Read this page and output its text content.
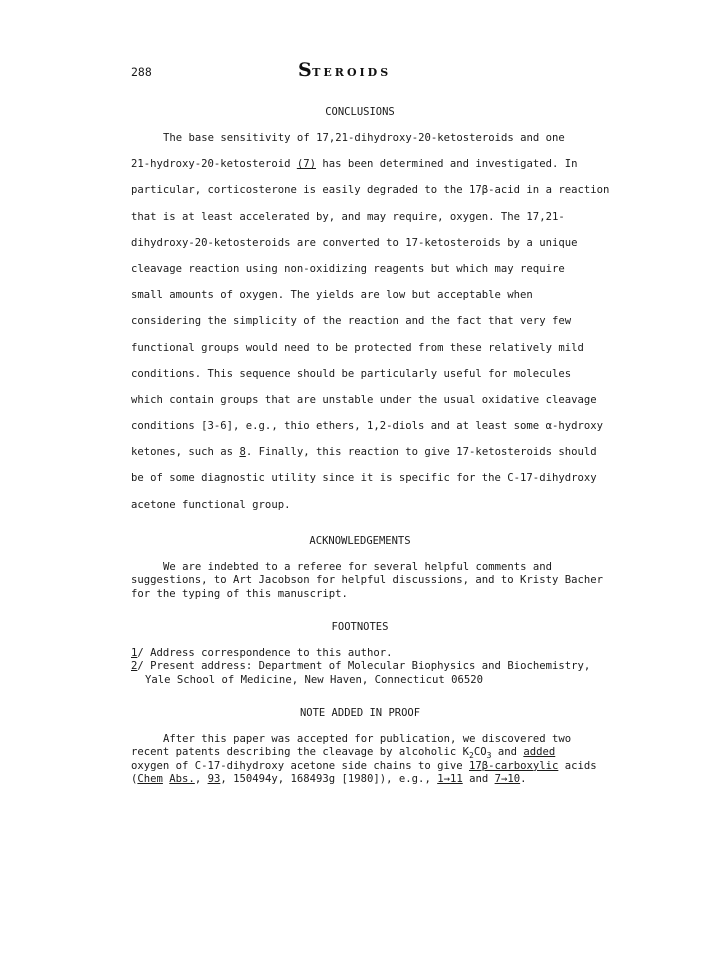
288	STEROIDS
CONCLUSIONS
The base sensitivity of 17,21-dihydroxy-20-ketosteroids and one
21-hydroxy-20-ketosteroid (7) has been determined and investigated. In
particular, corticosterone is easily degraded to the 17β-acid in a reaction
that is at least accelerated by, and may require, oxygen. The 17,21-
dihydroxy-20-ketosteroids are converted to 17-ketosteroids by a unique
cleavage reaction using non-oxidizing reagents but which may require
small amounts of oxygen. The yields are low but acceptable when
considering the simplicity of the reaction and the fact that very few
functional groups would need to be protected from these relatively mild
conditions. This sequence should be particularly useful for molecules
which contain groups that are unstable under the usual oxidative cleavage
conditions [3-6], e.g., thio ethers, 1,2-diols and at least some α-hydroxy
ketones, such as 8. Finally, this reaction to give 17-ketosteroids should
be of some diagnostic utility since it is specific for the C-17-dihydroxy
acetone functional group.
ACKNOWLEDGEMENTS
We are indebted to a referee for several helpful comments and
suggestions, to Art Jacobson for helpful discussions, and to Kristy Bacher
for the typing of this manuscript.
FOOTNOTES
1/ Address correspondence to this author.
2/ Present address: Department of Molecular Biophysics and Biochemistry,
Yale School of Medicine, New Haven, Connecticut 06520
NOTE ADDED IN PROOF
After this paper was accepted for publication, we discovered two
recent patents describing the cleavage by alcoholic $K_2CO_3$ and added
oxygen of C-17-dihydroxy acetone side chains to give 17β-carboxylic acids
(Chem Abs., 93, 150494y, 168493g [1980]), e.g., 1→11 and 7→10.
